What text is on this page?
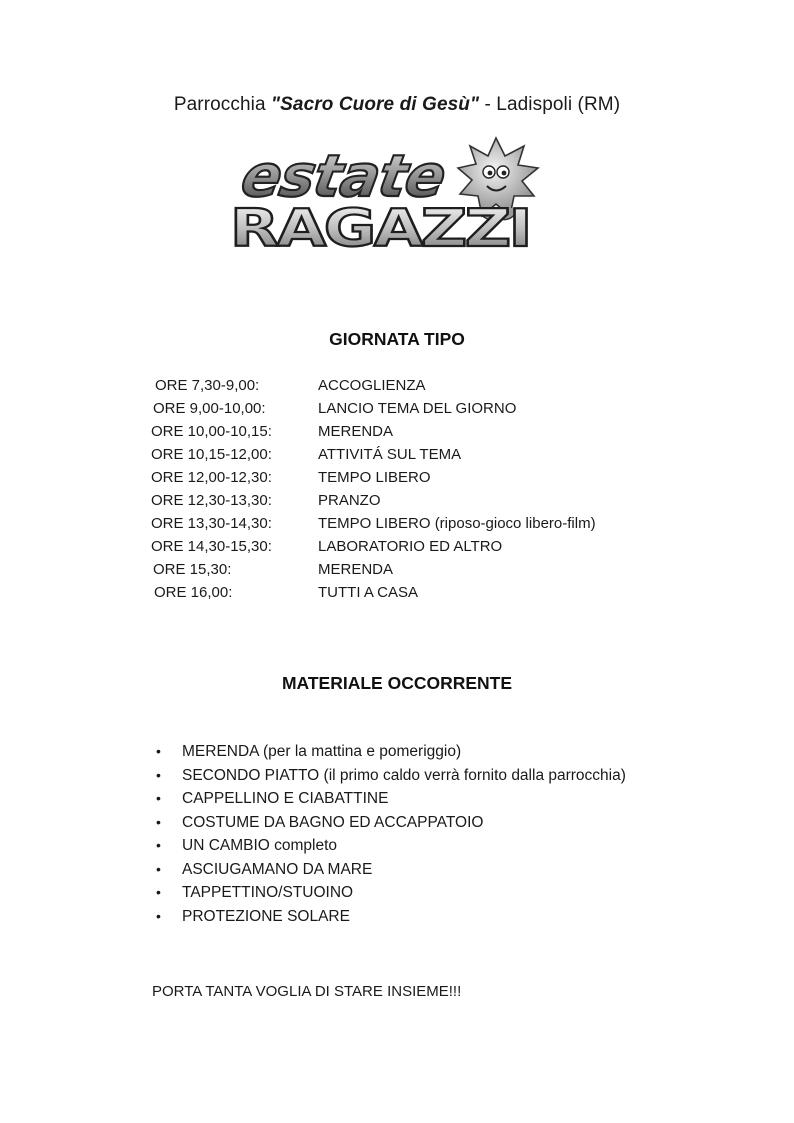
Parrocchia "Sacro Cuore di Gesù" - Ladispoli (RM)
estate
RAGAZZI
GIORNATA TIPO
ORE 7,30-9,00:	ACCOGLIENZA
ORE 9,00-10,00:	LANCIO TEMA DEL GIORNO
ORE 10,00-10,15:	MERENDA
ORE 10,15-12,00:	ATTIVITÁ SUL TEMA
ORE 12,00-12,30:	TEMPO LIBERO
ORE 12,30-13,30:	PRANZO
ORE 13,30-14,30:	TEMPO LIBERO (riposo-gioco libero-film)
ORE 14,30-15,30:	LABORATORIO ED ALTRO
ORE 15,30:	MERENDA
ORE 16,00:	TUTTI A CASA
MATERIALE OCCORRENTE
• MERENDA (per la mattina e pomeriggio)
• SECONDO PIATTO (il primo caldo verrà fornito dalla parrocchia)
• CAPPELLINO E CIABATTINE
• COSTUME DA BAGNO ED ACCAPPATOIO
• UN CAMBIO completo
• ASCIUGAMANO DA MARE
• TAPPETTINO/STUOINO
• PROTEZIONE SOLARE
PORTA TANTA VOGLIA DI STARE INSIEME!!!
